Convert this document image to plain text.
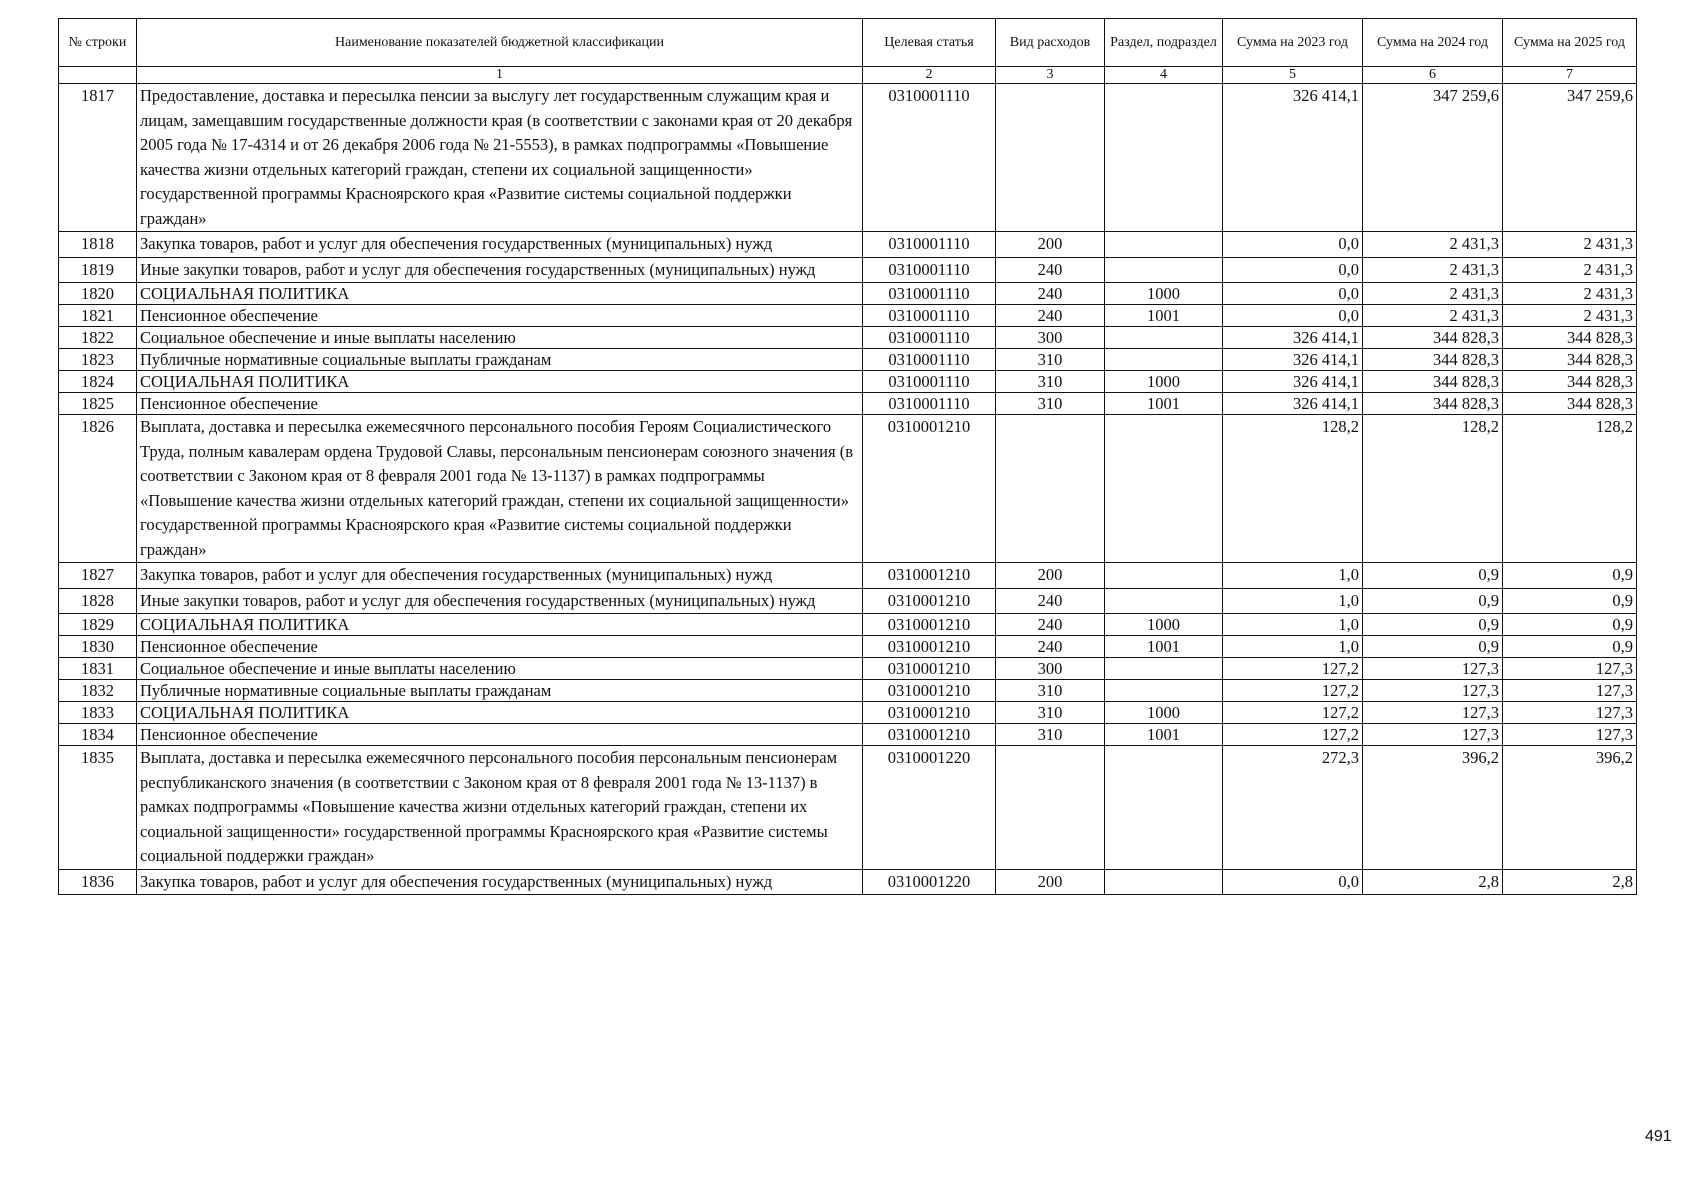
№ строки	Наименование показателей бюджетной классификации	Целевая статья	Вид расходов	Раздел, подраздел	Сумма на 2023 год	Сумма на 2024 год	Сумма на 2025 год
	1	2	3	4	5	6	7
1817	Предоставление, доставка и пересылка пенсии за выслугу лет государственным служащим края и лицам, замещавшим государственные должности края (в соответствии с законами края от 20 декабря 2005 года № 17-4314 и от 26 декабря 2006 года № 21-5553), в рамках подпрограммы «Повышение качества жизни отдельных категорий граждан, степени их социальной защищенности» государственной программы Красноярского края «Развитие системы социальной поддержки граждан»	0310001110			326 414,1	347 259,6	347 259,6
1818	Закупка товаров, работ и услуг для обеспечения государственных (муниципальных) нужд	0310001110	200		0,0	2 431,3	2 431,3
1819	Иные закупки товаров, работ и услуг для обеспечения государственных (муниципальных) нужд	0310001110	240		0,0	2 431,3	2 431,3
1820	СОЦИАЛЬНАЯ ПОЛИТИКА	0310001110	240	1000	0,0	2 431,3	2 431,3
1821	Пенсионное обеспечение	0310001110	240	1001	0,0	2 431,3	2 431,3
1822	Социальное обеспечение и иные выплаты населению	0310001110	300		326 414,1	344 828,3	344 828,3
1823	Публичные нормативные социальные выплаты гражданам	0310001110	310		326 414,1	344 828,3	344 828,3
1824	СОЦИАЛЬНАЯ ПОЛИТИКА	0310001110	310	1000	326 414,1	344 828,3	344 828,3
1825	Пенсионное обеспечение	0310001110	310	1001	326 414,1	344 828,3	344 828,3
1826	Выплата, доставка и пересылка ежемесячного персонального пособия Героям Социалистического Труда, полным кавалерам ордена Трудовой Славы, персональным пенсионерам союзного значения (в соответствии с Законом края от 8 февраля 2001 года № 13-1137) в рамках подпрограммы «Повышение качества жизни отдельных категорий граждан, степени их социальной защищенности» государственной программы Красноярского края «Развитие системы социальной поддержки граждан»	0310001210			128,2	128,2	128,2
1827	Закупка товаров, работ и услуг для обеспечения государственных (муниципальных) нужд	0310001210	200		1,0	0,9	0,9
1828	Иные закупки товаров, работ и услуг для обеспечения государственных (муниципальных) нужд	0310001210	240		1,0	0,9	0,9
1829	СОЦИАЛЬНАЯ ПОЛИТИКА	0310001210	240	1000	1,0	0,9	0,9
1830	Пенсионное обеспечение	0310001210	240	1001	1,0	0,9	0,9
1831	Социальное обеспечение и иные выплаты населению	0310001210	300		127,2	127,3	127,3
1832	Публичные нормативные социальные выплаты гражданам	0310001210	310		127,2	127,3	127,3
1833	СОЦИАЛЬНАЯ ПОЛИТИКА	0310001210	310	1000	127,2	127,3	127,3
1834	Пенсионное обеспечение	0310001210	310	1001	127,2	127,3	127,3
1835	Выплата, доставка и пересылка ежемесячного персонального пособия персональным пенсионерам республиканского значения (в соответствии с Законом края от 8 февраля 2001 года № 13-1137) в рамках подпрограммы «Повышение качества жизни отдельных категорий граждан, степени их социальной защищенности» государственной программы Красноярского края «Развитие системы социальной поддержки граждан»	0310001220			272,3	396,2	396,2
1836	Закупка товаров, работ и услуг для обеспечения государственных (муниципальных) нужд	0310001220	200		0,0	2,8	2,8
491
